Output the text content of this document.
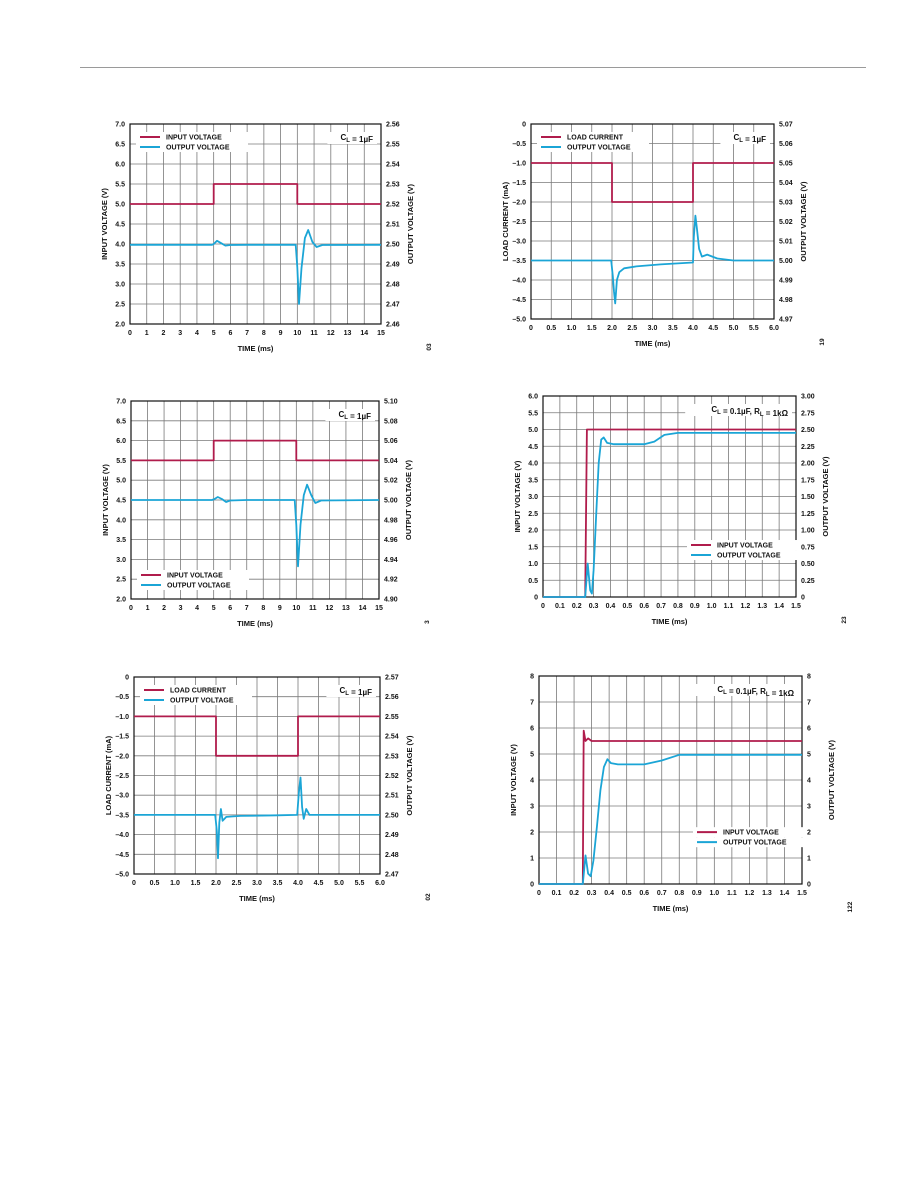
0 1 2 3 4 5 6 7 8 9 10 11 12 13 14 15
2.0
2.5
3.0
3.5
4.0
4.5
5.0
5.5
6.0
6.5
7.0
2.46
2.47
2.48
2.49
2.50
2.51
2.52
2.53
2.54
2.55
2.56
TIME (ms)
INPUT VOLTAGE (V)	OUTPUT VOLTAGE (V)
03
INPUT VOLTAGE
OUTPUT VOLTAGE
$C_L = 1\mu F$
0 0.5 1.0 1.5 2.0 2.5 3.0 3.5 4.0 4.5 5.0 5.5 6.0
–5.0
–4.5
–4.0
–3.5
–3.0
–2.5
–2.0
–1.5
–1.0
–0.5
0
4.97
4.98
4.99
5.00
5.01
5.02
5.03
5.04
5.05
5.06
5.07
TIME (ms)
LOAD CURRENT (mA)	OUTPUT VOLTAGE (V)
19
LOAD CURRENT
OUTPUT VOLTAGE
$C_L = 1\mu F$
0 1 2 3 4 5 6 7 8 9 10 11 12 13 14 15
2.0
2.5
3.0
3.5
4.0
4.5
5.0
5.5
6.0
6.5
7.0
4.90
4.92
4.94
4.96
4.98
5.00
5.02
5.04
5.06
5.08
5.10
TIME (ms)
INPUT VOLTAGE (V)	OUTPUT VOLTAGE (V)
3
INPUT VOLTAGE
OUTPUT VOLTAGE
$C_L = 1\mu F$
0 0.1 0.2 0.3 0.4 0.5 0.6 0.7 0.8 0.9 1.0 1.1 1.2 1.3 1.4 1.5
0
0.5
1.0
1.5
2.0
2.5
3.0
3.5
4.0
4.5
5.0
5.5
6.0
0
0.25
0.50
0.75
1.00
1.25
1.50
1.75
2.00
2.25
2.50
2.75
3.00
TIME (ms)
INPUT VOLTAGE (V)	OUTPUT VOLTAGE (V)
23
INPUT VOLTAGE
OUTPUT VOLTAGE
$C_L = 0.1\mu F$, $R_L = 1k\Omega$
0 0.5 1.0 1.5 2.0 2.5 3.0 3.5 4.0 4.5 5.0 5.5 6.0
–5.0
–4.5
–4.0
–3.5
–3.0
–2.5
–2.0
–1.5
–1.0
–0.5
0
2.47
2.48
2.49
2.50
2.51
2.52
2.53
2.54
2.55
2.56
2.57
TIME (ms)
LOAD CURRENT (mA)	OUTPUT VOLTAGE (V)
02
LOAD CURRENT
OUTPUT VOLTAGE
$C_L = 1\mu F$
0 0.1 0.2 0.3 0.4 0.5 0.6 0.7 0.8 0.9 1.0 1.1 1.2 1.3 1.4 1.5
0
1
2
3
4
5
6
7
8
0
1
2
3
4
5
6
7
8
TIME (ms)
INPUT VOLTAGE (V)	OUTPUT VOLTAGE (V)
122
INPUT VOLTAGE
OUTPUT VOLTAGE
$C_L = 0.1\mu F$, $R_L = 1k\Omega$
